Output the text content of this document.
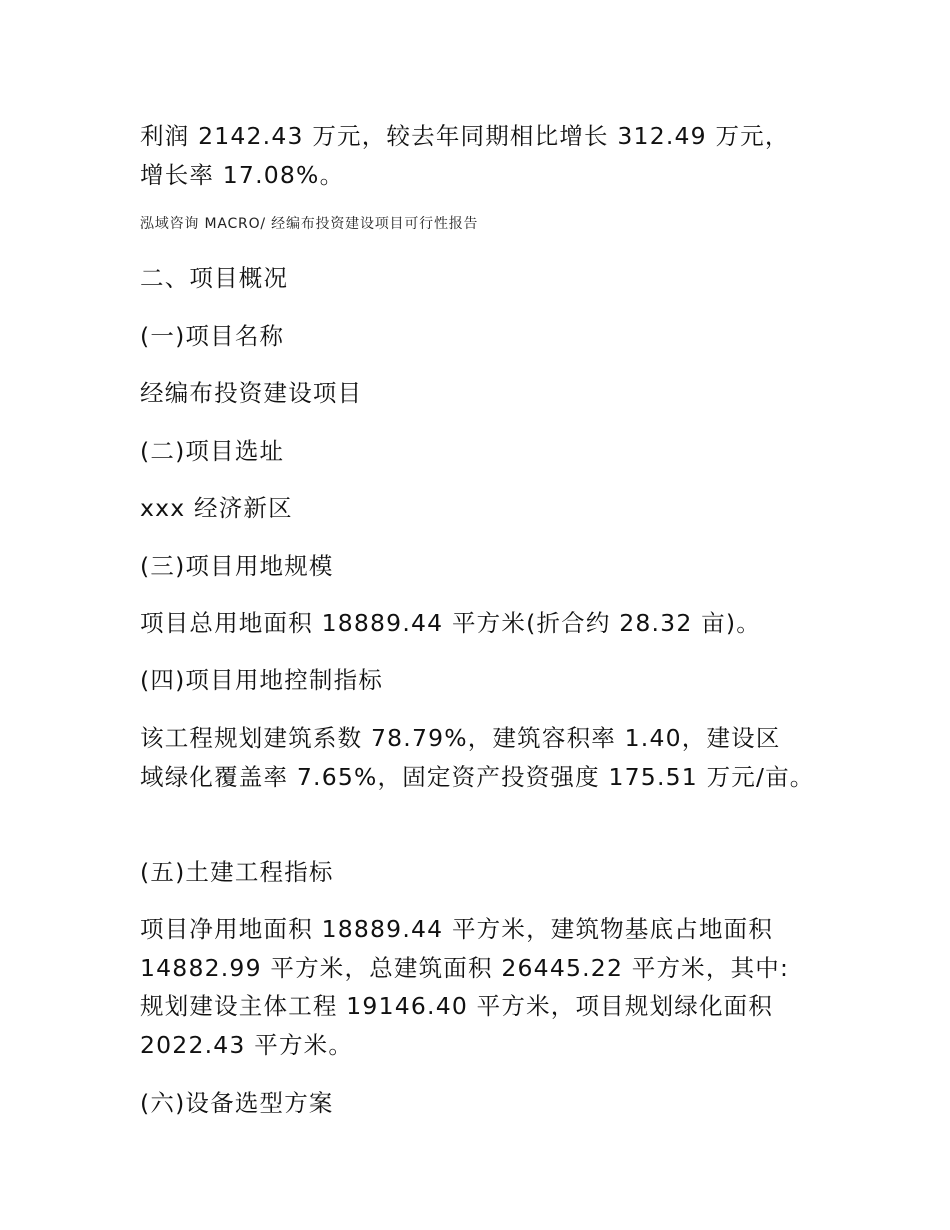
利润 2142.43 万元，较去年同期相比增长 312.49 万元，
增长率 17.08%。
泓域咨询 MACRO/ 经编布投资建设项目可行性报告
二、项目概况
(一)项目名称
经编布投资建设项目
(二)项目选址
xxx 经济新区
(三)项目用地规模
项目总用地面积 18889.44 平方米(折合约 28.32 亩)。
(四)项目用地控制指标
该工程规划建筑系数 78.79%，建筑容积率 1.40，建设区
域绿化覆盖率 7.65%，固定资产投资强度 175.51 万元/亩。
(五)土建工程指标
项目净用地面积 18889.44 平方米，建筑物基底占地面积
14882.99 平方米，总建筑面积 26445.22 平方米，其中:
规划建设主体工程 19146.40 平方米，项目规划绿化面积
2022.43 平方米。
(六)设备选型方案
